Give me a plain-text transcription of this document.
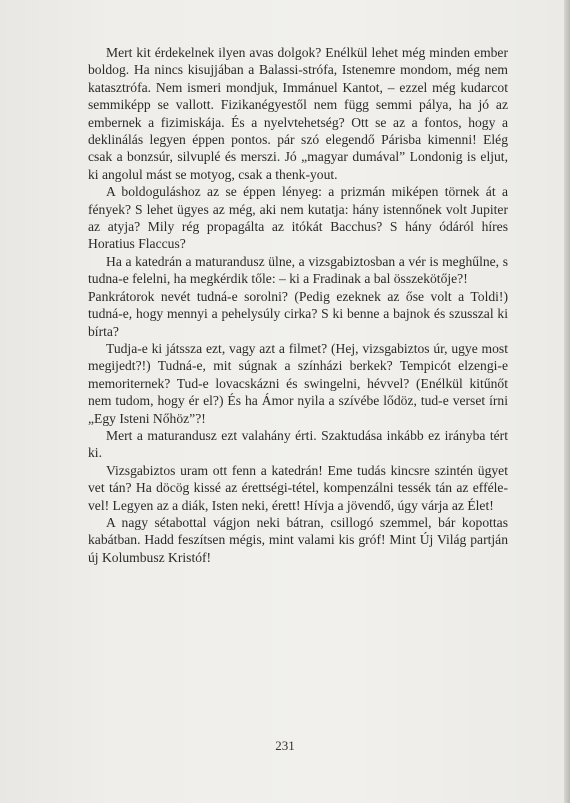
Mert kit érdekelnek ilyen avas dolgok? Enélkül lehet még minden ember boldog. Ha nincs kisujjában a Balassi-strófa, Istenemre mondom, még nem katasztrófa. Nem ismeri mondjuk, Immánuel Kantot, – ezzel még kudarcot semmiképp se vallott. Fizikanégyestől nem függ semmi pálya, ha jó az embernek a fizimiskája. És a nyelvtehetség? Ott se az a fontos, hogy a deklinálás legyen éppen pontos. pár szó elegendő Párisba kimenni! Elég csak a bonzsúr, silvuplé és merszi. Jó „magyar dumával” Londonig is eljut, ki angolul mást se motyog, csak a thenk-yout.

A boldoguláshoz az se éppen lényeg: a prizmán miképen törnek át a fények? S lehet ügyes az még, aki nem kutatja: hány istennőnek volt Jupiter az atyja? Mily rég propagálta az itókát Bacchus? S hány ódáról híres Horatius Flaccus?

Ha a katedrán a maturandusz ülne, a vizsgabiztosban a vér is meghűlne, s tudna-e felelni, ha megkérdik tőle: – ki a Fradinak a bal összekötője?!

Pankrátorok nevét tudná-e sorolni? (Pedig ezeknek az őse volt a Toldi!) tudná-e, hogy mennyi a pehelysúly cirka? S ki benne a bajnok és szusszal ki bírta?

Tudja-e ki játssza ezt, vagy azt a filmet? (Hej, vizsgabiztos úr, ugye most megijedt?!) Tudná-e, mit súgnak a színházi berkek? Tempicót elzengi-e memoriternek? Tud-e lovacskázni és swingelni, hévvel? (Enélkül kitűnőt nem tudom, hogy ér el?) És ha Ámor nyila a szívébe lődöz, tud-e verset írni „Egy Isteni Nőhöz”?!

Mert a maturandusz ezt valahány érti. Szaktudása inkább ez irányba tért ki.

Vizsgabiztos uram ott fenn a katedrán! Eme tudás kincsre szintén ügyet vet tán? Ha döcög kissé az érettségi-tétel, kompenzálni tessék tán az effélevel! Legyen az a diák, Isten neki, érett! Hívja a jövendő, úgy várja az Élet!

A nagy sétabottal vágjon neki bátran, csillogó szemmel, bár kopottas kabátban. Hadd feszítsen mégis, mint valami kis gróf! Mint Új Világ partján új Kolumbusz Kristóf!

231
